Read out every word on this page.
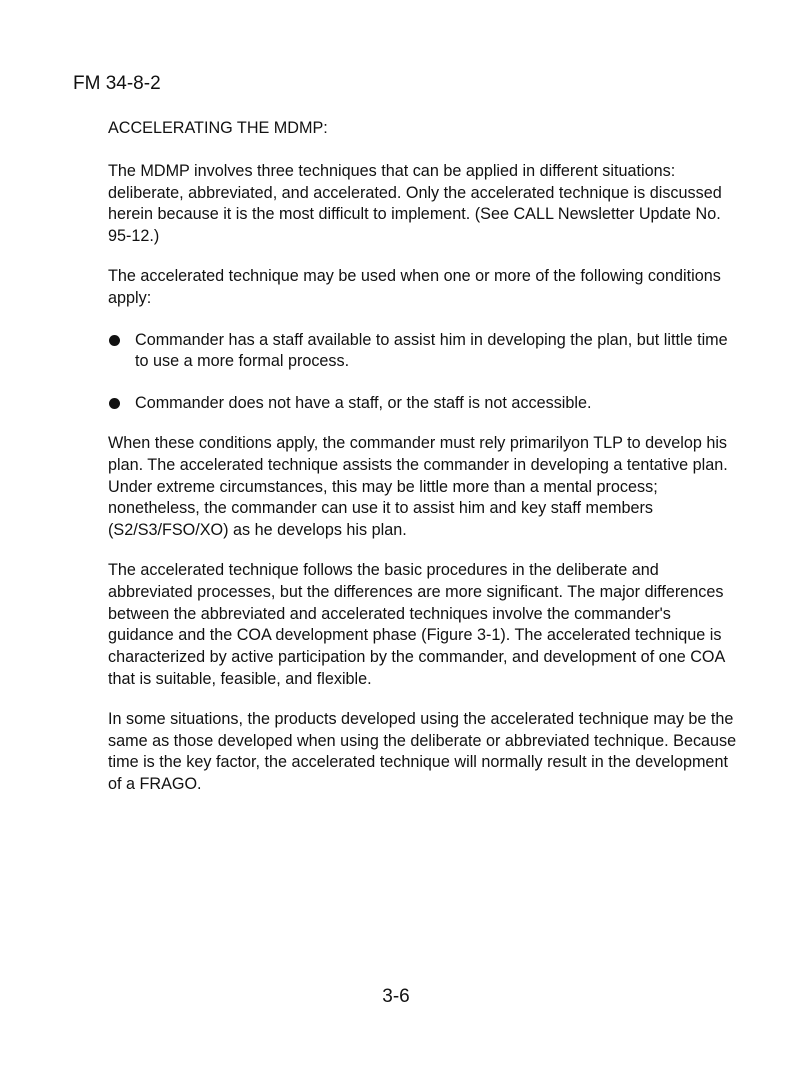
FM 34-8-2

ACCELERATING THE MDMP:

The MDMP involves three techniques that can be applied in different situations: deliberate, abbreviated, and accelerated. Only the accelerated technique is discussed herein because it is the most difficult to implement. (See CALL Newsletter Update No. 95-12.)

The accelerated technique may be used when one or more of the following conditions apply:

Commander has a staff available to assist him in developing the plan, but little time to use a more formal process.
Commander does not have a staff, or the staff is not accessible.

When these conditions apply, the commander must rely primarilyon TLP to develop his plan. The accelerated technique assists the commander in developing a tentative plan. Under extreme circumstances, this may be little more than a mental process; nonetheless, the commander can use it to assist him and key staff members (S2/S3/FSO/XO) as he develops his plan.

The accelerated technique follows the basic procedures in the deliberate and abbreviated processes, but the differences are more significant. The major differences between the abbreviated and accelerated techniques involve the commander's guidance and the COA development phase (Figure 3-1). The accelerated technique is characterized by active participation by the commander, and development of one COA that is suitable, feasible, and flexible.

In some situations, the products developed using the accelerated technique may be the same as those developed when using the deliberate or abbreviated technique. Because time is the key factor, the accelerated technique will normally result in the development of a FRAGO.

3-6
